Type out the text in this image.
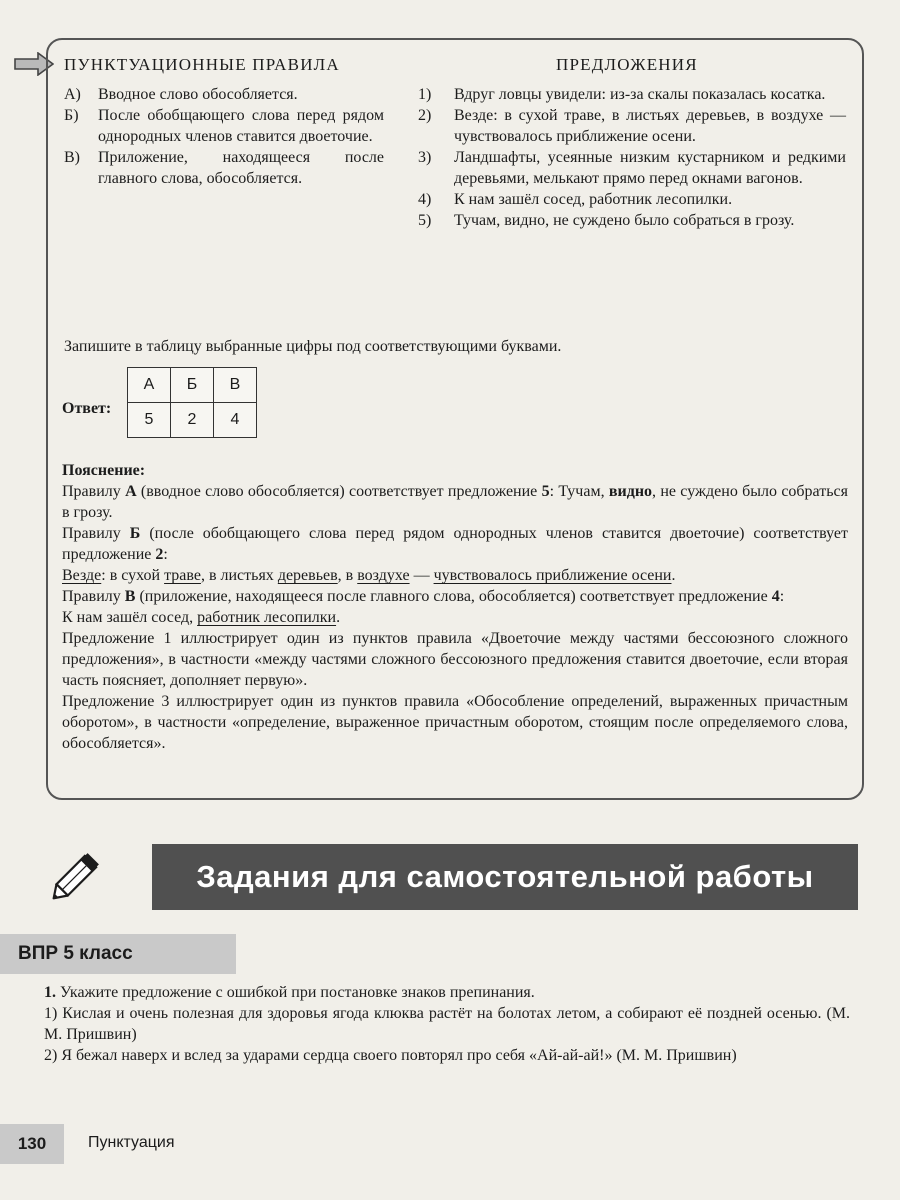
ПУНКТУАЦИОННЫЕ ПРАВИЛА	ПРЕДЛОЖЕНИЯ
А)	Вводное слово обособляется.
Б)	После обобщающего слова перед рядом однородных членов ставится двоеточие.
В)	Приложение, находящееся после главного слова, обособляется.
1)	Вдруг ловцы увидели: из-за скалы показалась косатка.
2)	Везде: в сухой траве, в листьях деревьев, в воздухе — чувствовалось приближение осени.
3)	Ландшафты, усеянные низким кустарником и редкими деревьями, мелькают прямо перед окнами вагонов.
4)	К нам зашёл сосед, работник лесопилки.
5)	Тучам, видно, не суждено было собраться в грозу.
Запишите в таблицу выбранные цифры под соответствующими буквами.
Ответ:
А	Б	В
5	2	4

Пояснение:

Правилу А (вводное слово обособляется) соответствует предложение 5: Тучам, видно, не суждено было собраться в грозу.

Правилу Б (после обобщающего слова перед рядом однородных членов ставится двоеточие) соответствует предложение 2:

Везде: в сухой траве, в листьях деревьев, в воздухе — чувствовалось приближение осени.

Правилу В (приложение, находящееся после главного слова, обособляется) соответствует предложение 4:

К нам зашёл сосед, работник лесопилки.

Предложение 1 иллюстрирует один из пунктов правила «Двоеточие между частями бессоюзного сложного предложения», в частности «между частями сложного бессоюзного предложения ставится двоеточие, если вторая часть поясняет, дополняет первую».

Предложение 3 иллюстрирует один из пунктов правила «Обособление определений, выраженных причастным оборотом», в частности «определение, выраженное причастным оборотом, стоящим после определяемого слова, обособляется».

Задания для самостоятельной работы
ВПР 5 класс

1. Укажите предложение с ошибкой при постановке знаков препинания.

1) Кислая и очень полезная для здоровья ягода клюква растёт на болотах летом, а собирают её поздней осенью. (М. М. Пришвин)

2) Я бежал наверх и вслед за ударами сердца своего повторял про себя «Ай-ай-ай!» (М. М. Пришвин)

130	Пунктуация
